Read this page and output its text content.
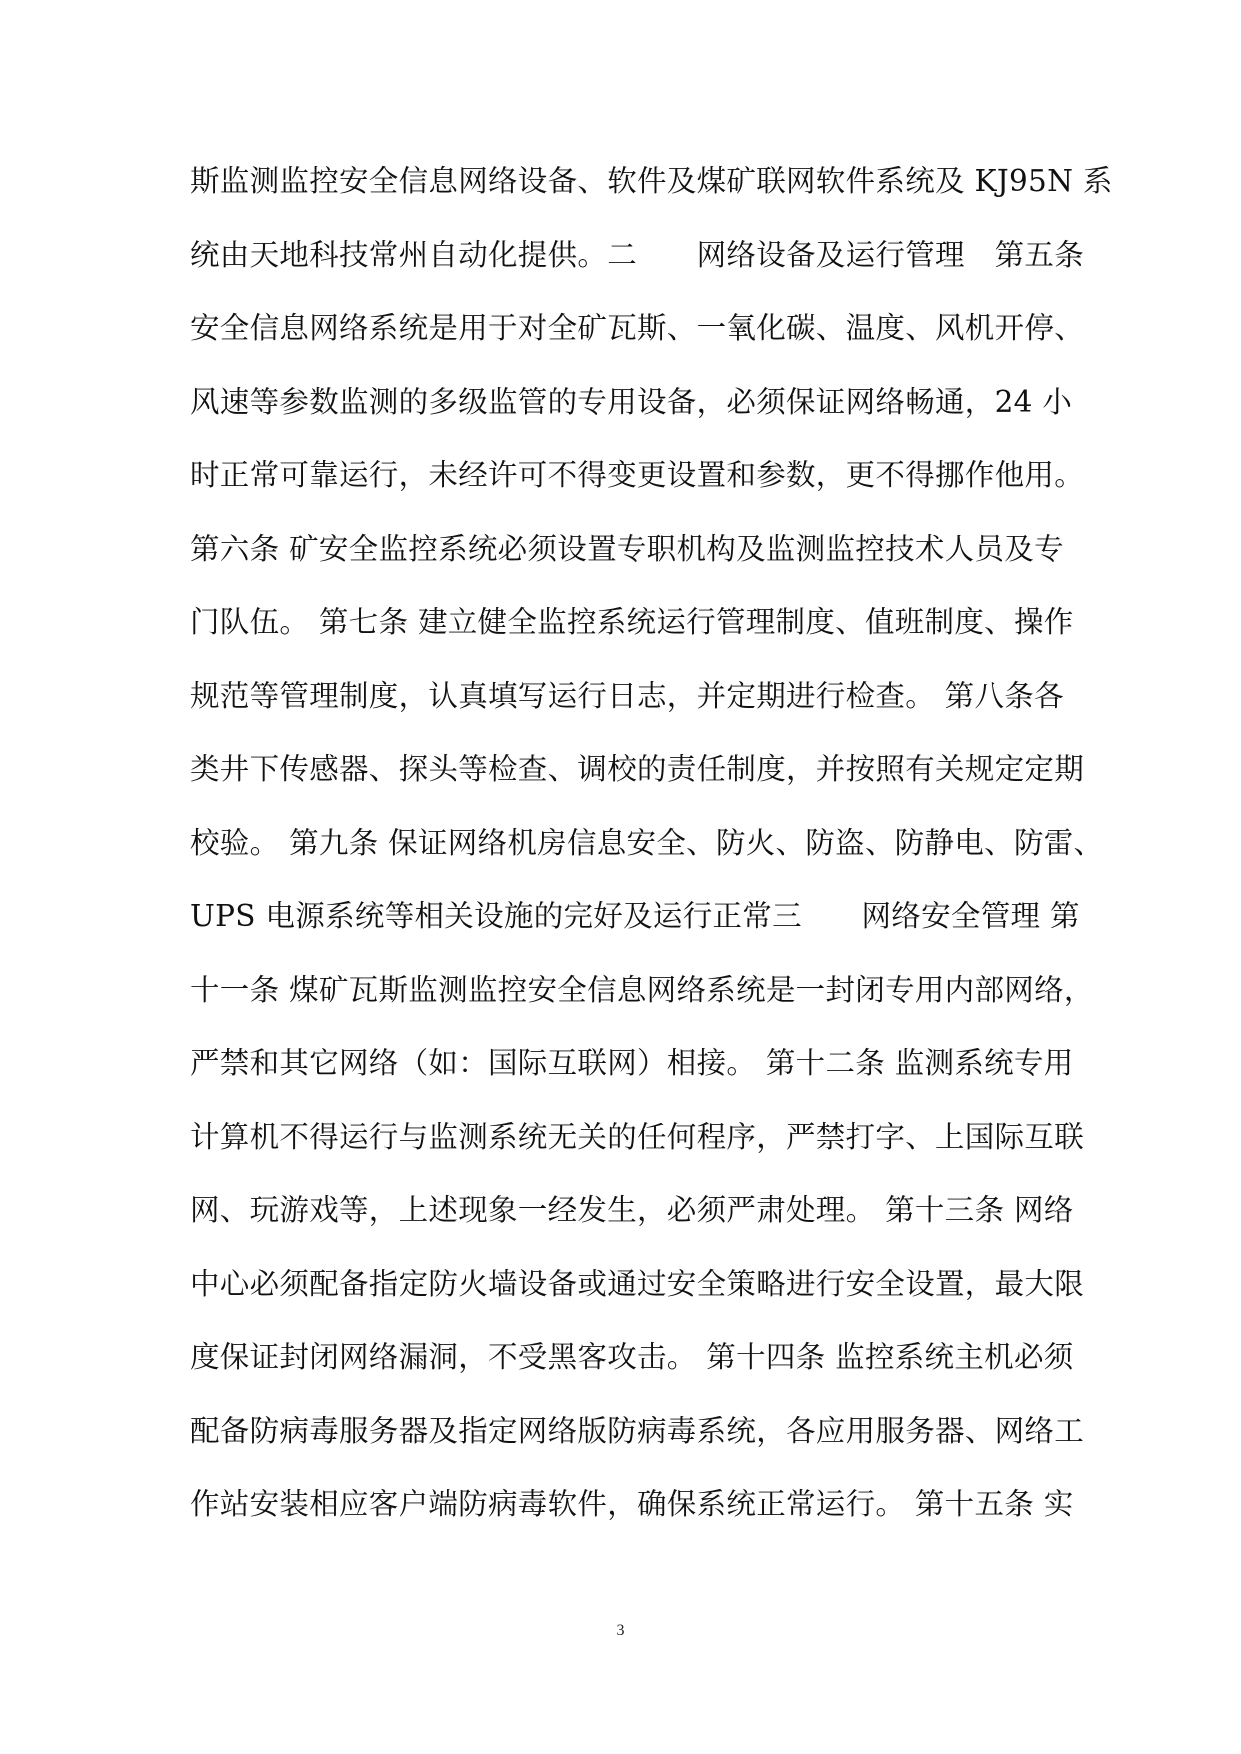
斯监测监控安全信息网络设备、软件及煤矿联网软件系统及 KJ95N 系
统由天地科技常州自动化提供。二　　网络设备及运行管理　第五条
安全信息网络系统是用于对全矿瓦斯、一氧化碳、温度、风机开停、
风速等参数监测的多级监管的专用设备，必须保证网络畅通，24 小
时正常可靠运行，未经许可不得变更设置和参数，更不得挪作他用。
第六条 矿安全监控系统必须设置专职机构及监测监控技术人员及专
门队伍。 第七条 建立健全监控系统运行管理制度、值班制度、操作
规范等管理制度，认真填写运行日志，并定期进行检查。 第八条各
类井下传感器、探头等检查、调校的责任制度，并按照有关规定定期
校验。 第九条 保证网络机房信息安全、防火、防盗、防静电、防雷、
UPS 电源系统等相关设施的完好及运行正常三　　网络安全管理 第
十一条 煤矿瓦斯监测监控安全信息网络系统是一封闭专用内部网络，
严禁和其它网络（如：国际互联网）相接。 第十二条 监测系统专用
计算机不得运行与监测系统无关的任何程序，严禁打字、上国际互联
网、玩游戏等，上述现象一经发生，必须严肃处理。 第十三条 网络
中心必须配备指定防火墙设备或通过安全策略进行安全设置，最大限
度保证封闭网络漏洞，不受黑客攻击。 第十四条 监控系统主机必须
配备防病毒服务器及指定网络版防病毒系统，各应用服务器、网络工
作站安装相应客户端防病毒软件，确保系统正常运行。 第十五条 实
3
